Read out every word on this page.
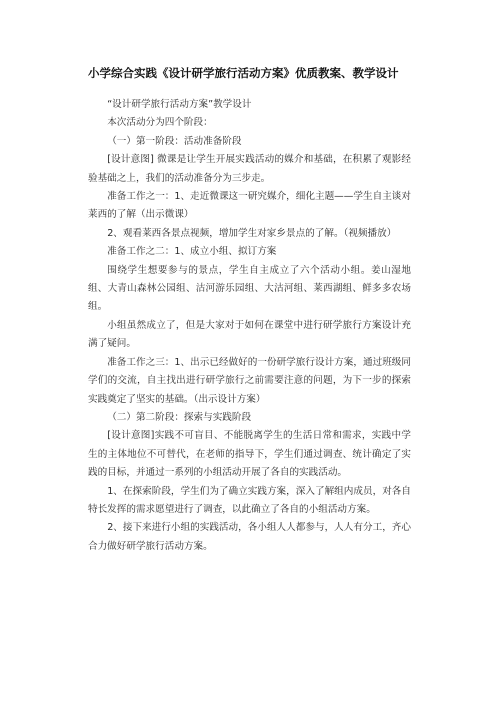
小学综合实践《设计研学旅行活动方案》优质教案、教学设计

“设计研学旅行活动方案”教学设计

本次活动分为四个阶段：

（一）第一阶段：活动准备阶段

[设计意图] 微课是让学生开展实践活动的媒介和基础，在积累了观影经验基础之上，我们的活动准备分为三步走。

准备工作之一：1、走近微课这一研究媒介，细化主题——学生自主谈对莱西的了解（出示微课）

2、观看莱西各景点视频，增加学生对家乡景点的了解。（视频播放）

准备工作之二：1、成立小组、拟订方案

围绕学生想要参与的景点，学生自主成立了六个活动小组。姜山湿地组、大青山森林公园组、沽河游乐园组、大沽河组、莱西湖组、鲜多多农场组。

小组虽然成立了，但是大家对于如何在课堂中进行研学旅行方案设计充满了疑问。

准备工作之三：1、出示已经做好的一份研学旅行设计方案，通过班级同学们的交流，自主找出进行研学旅行之前需要注意的问题，为下一步的探索实践奠定了坚实的基础。（出示设计方案）

（二）第二阶段：探索与实践阶段

[设计意图]实践不可盲目、不能脱离学生的生活日常和需求，实践中学生的主体地位不可替代，在老师的指导下，学生们通过调查、统计确定了实践的目标，并通过一系列的小组活动开展了各自的实践活动。

1、在探索阶段，学生们为了确立实践方案，深入了解组内成员，对各自特长发挥的需求愿望进行了调查，以此确立了各自的小组活动方案。

2、接下来进行小组的实践活动，各小组人人都参与，人人有分工，齐心合力做好研学旅行活动方案。
